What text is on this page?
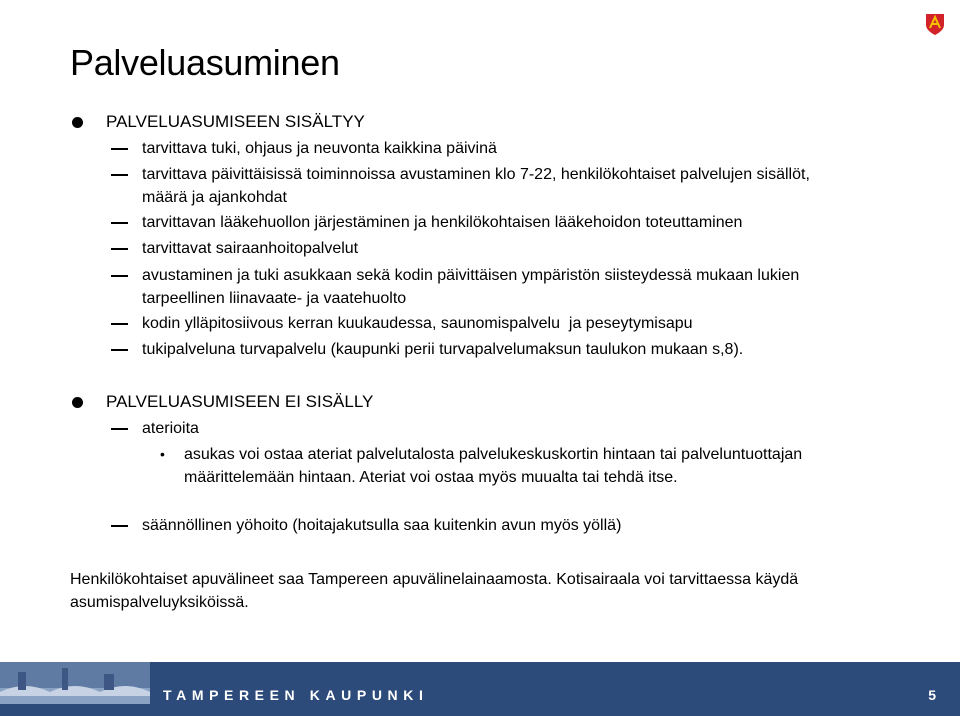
Palveluasuminen
PALVELUASUMISEEN SISÄLTYY
tarvittava tuki, ohjaus ja neuvonta kaikkina päivinä
tarvittava päivittäisissä toiminnoissa avustaminen klo 7-22, henkilökohtaiset palvelujen sisällöt, määrä ja ajankohdat
tarvittavan lääkehuollon järjestäminen ja henkilökohtaisen lääkehoidon toteuttaminen
tarvittavat sairaanhoitopalvelut
avustaminen ja tuki asukkaan sekä kodin päivittäisen ympäristön siisteydessä mukaan lukien tarpeellinen liinavaate- ja vaatehuolto
kodin ylläpitosiivous kerran kuukaudessa, saunomispalvelu  ja peseytymisapu
tukipalveluna turvapalvelu (kaupunki perii turvapalvelumaksun taulukon mukaan s,8).
PALVELUASUMISEEN EI SISÄLLY
aterioita
• asukas voi ostaa ateriat palvelutalosta palvelukeskuskortin hintaan tai palveluntuottajan määrittelemään hintaan. Ateriat voi ostaa myös muualta tai tehdä itse.
säännöllinen yöhoito (hoitajakutsulla saa kuitenkin avun myös yöllä)
Henkilökohtaiset apuvälineet saa Tampereen apuvälinelainaamosta. Kotisairaala voi tarvittaessa käydä asumispalveluyksiköissä.
TAMPEREEN KAUPUNKI	5
